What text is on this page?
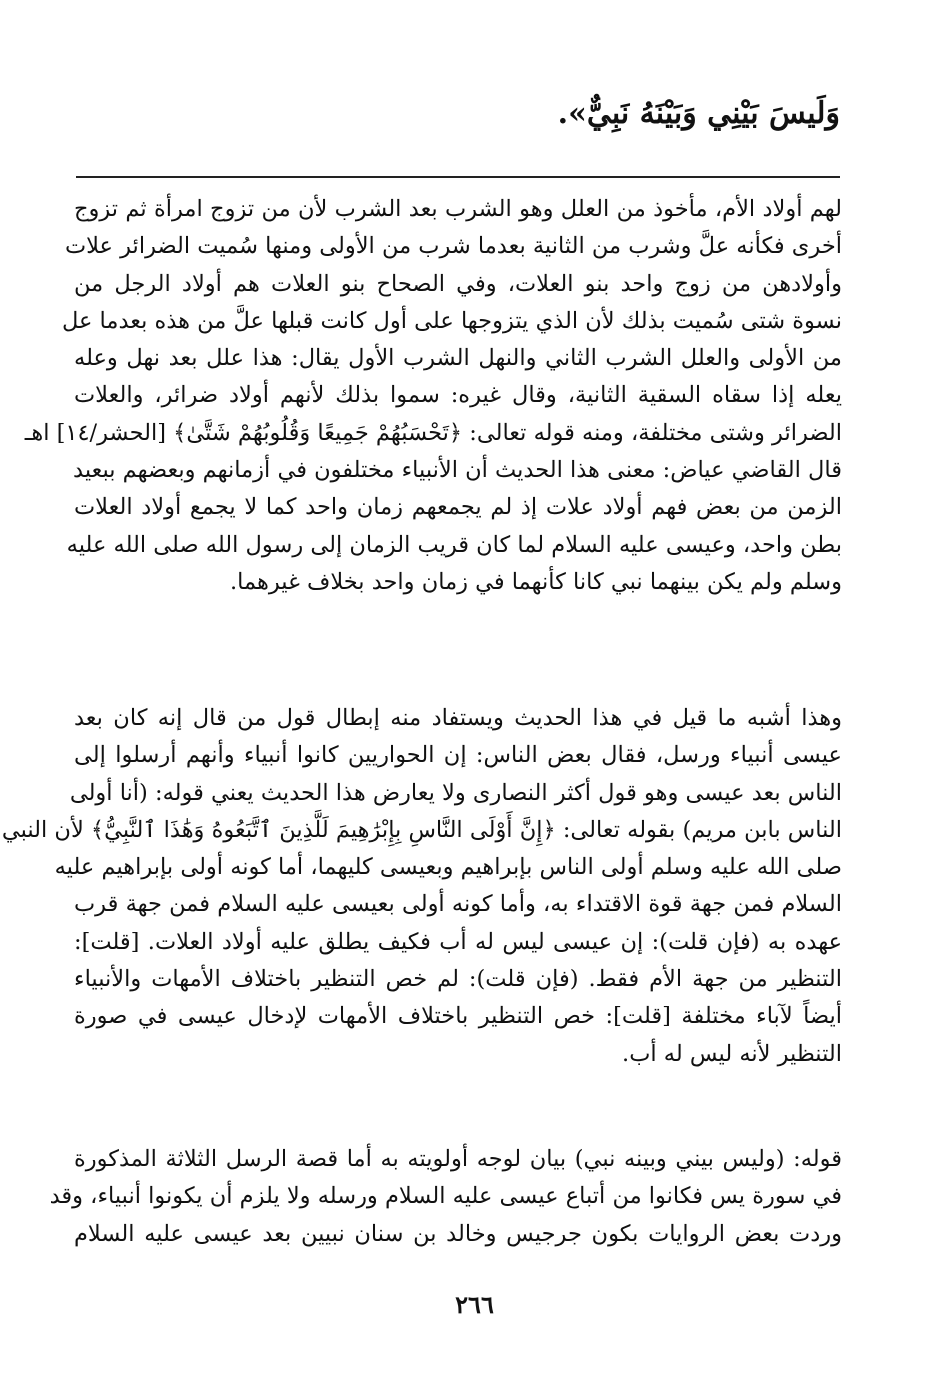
وَلَيسَ بَيْنِي وَبَيْنَهُ نَبِيٌّ».
لهم أولاد الأم، مأخوذ من العلل وهو الشرب بعد الشرب لأن من تزوج امرأة ثم تزوج
أخرى فكأنه علَّ وشرب من الثانية بعدما شرب من الأولى ومنها سُميت الضرائر علات
وأولادهن من زوج واحد بنو العلات، وفي الصحاح بنو العلات هم أولاد الرجل من
نسوة شتى سُميت بذلك لأن الذي يتزوجها على أول كانت قبلها علَّ من هذه بعدما عل
من الأولى والعلل الشرب الثاني والنهل الشرب الأول يقال: هذا علل بعد نهل وعله
يعله إذا سقاه السقية الثانية، وقال غيره: سموا بذلك لأنهم أولاد ضرائر، والعلات
الضرائر وشتى مختلفة، ومنه قوله تعالى: ﴿تَحْسَبُهُمْ جَمِيعًا وَقُلُوبُهُمْ شَتَّىٰ﴾ [الحشر/١٤] اهـ
قال القاضي عياض: معنى هذا الحديث أن الأنبياء مختلفون في أزمانهم وبعضهم ببعيد
الزمن من بعض فهم أولاد علات إذ لم يجمعهم زمان واحد كما لا يجمع أولاد العلات
بطن واحد، وعيسى عليه السلام لما كان قريب الزمان إلى رسول الله صلى الله عليه
وسلم ولم يكن بينهما نبي كانا كأنهما في زمان واحد بخلاف غيرهما.
وهذا أشبه ما قيل في هذا الحديث ويستفاد منه إبطال قول من قال إنه كان بعد
عيسى أنبياء ورسل، فقال بعض الناس: إن الحواريين كانوا أنبياء وأنهم أرسلوا إلى
الناس بعد عيسى وهو قول أكثر النصارى ولا يعارض هذا الحديث يعني قوله: (أنا أولى
الناس بابن مريم) بقوله تعالى: ﴿إِنَّ أَوْلَى النَّاسِ بِإِبْرَٰهِيمَ لَلَّذِينَ ٱتَّبَعُوهُ وَهَٰذَا ٱلنَّبِيُّ﴾ لأن النبي
صلى الله عليه وسلم أولى الناس بإبراهيم وبعيسى كليهما، أما كونه أولى بإبراهيم عليه
السلام فمن جهة قوة الاقتداء به، وأما كونه أولى بعيسى عليه السلام فمن جهة قرب
عهده به (فإن قلت): إن عيسى ليس له أب فكيف يطلق عليه أولاد العلات. [قلت]:
التنظير من جهة الأم فقط. (فإن قلت): لم خص التنظير باختلاف الأمهات والأنبياء
أيضاً لآباء مختلفة [قلت]: خص التنظير باختلاف الأمهات لإدخال عيسى في صورة
التنظير لأنه ليس له أب.
قوله: (وليس بيني وبينه نبي) بيان لوجه أولويته به أما قصة الرسل الثلاثة المذكورة
في سورة يس فكانوا من أتباع عيسى عليه السلام ورسله ولا يلزم أن يكونوا أنبياء، وقد
وردت بعض الروايات بكون جرجيس وخالد بن سنان نبيين بعد عيسى عليه السلام
٢٦٦
